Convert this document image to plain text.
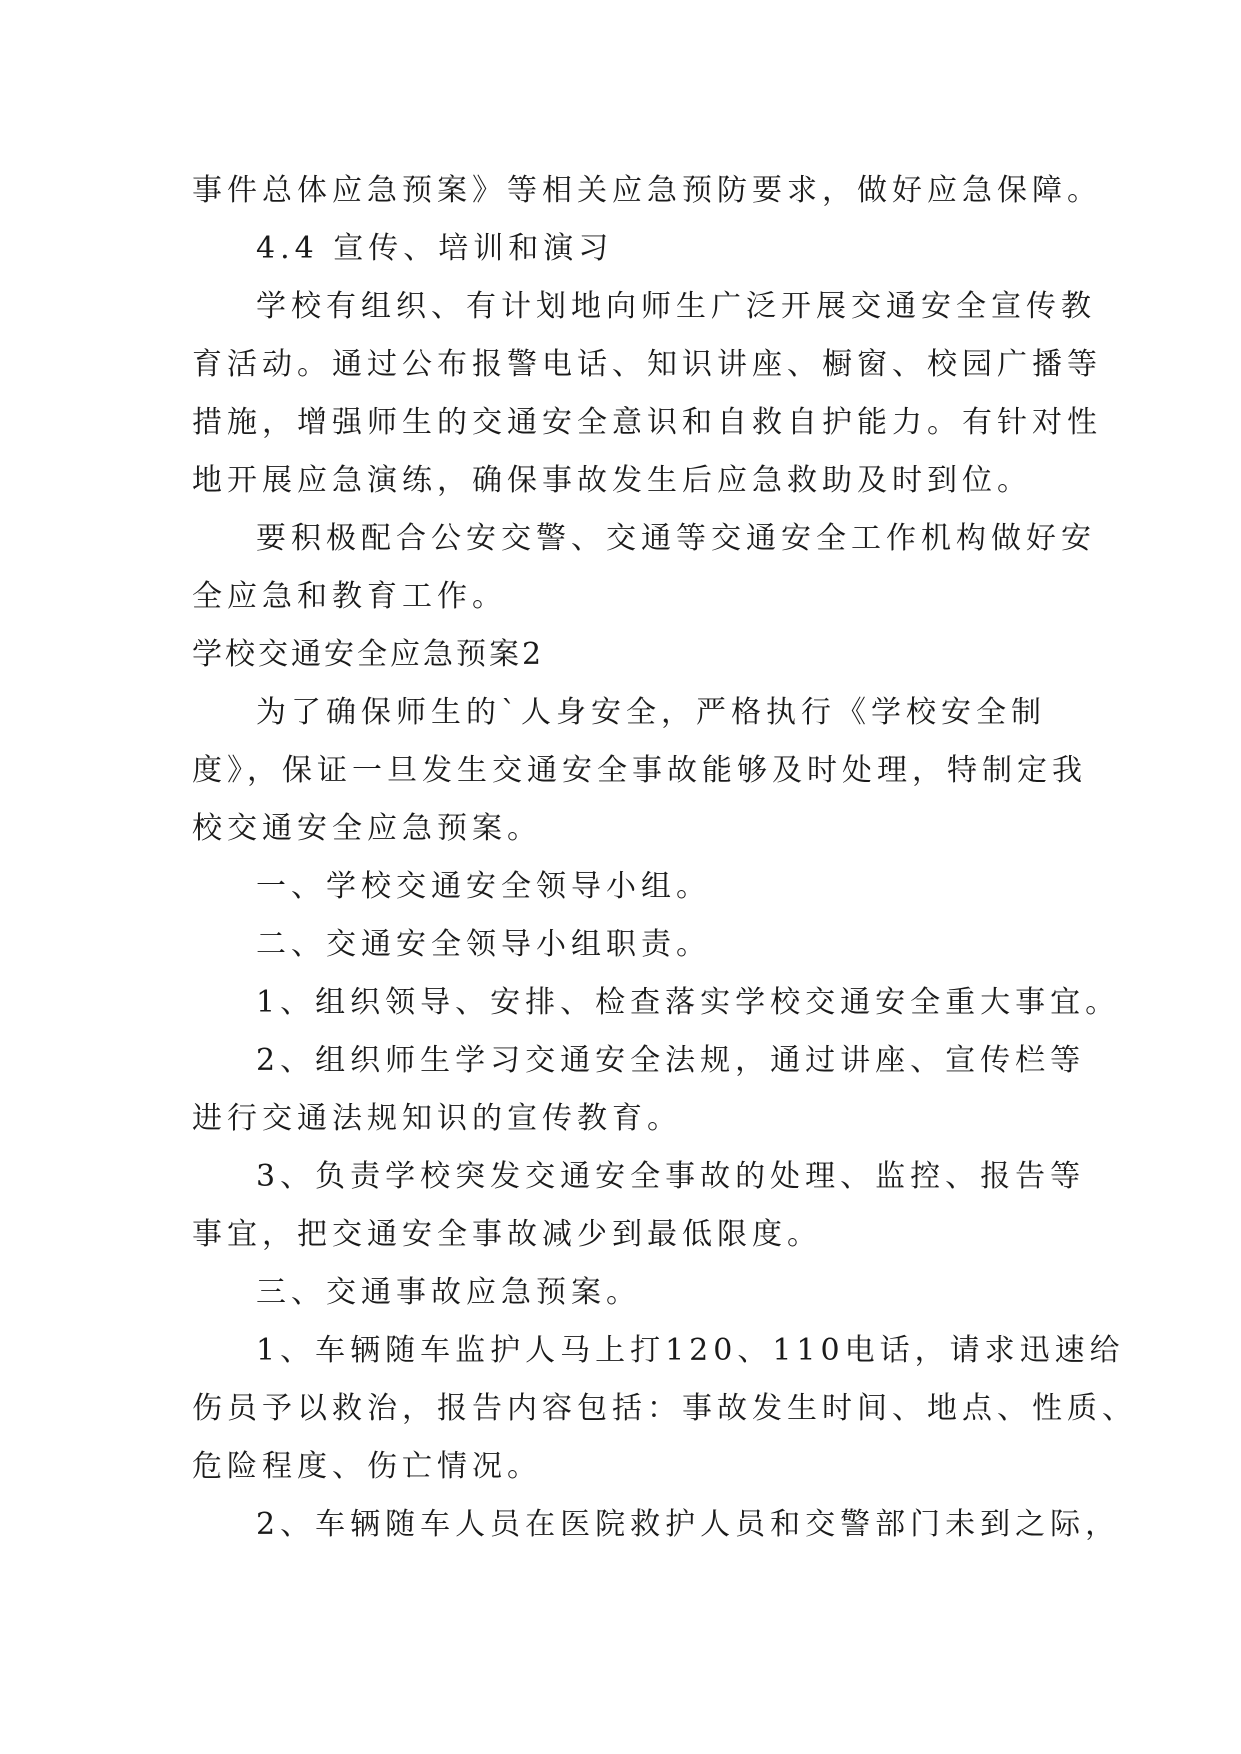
事件总体应急预案》等相关应急预防要求，做好应急保障。

4.4 宣传、培训和演习

学校有组织、有计划地向师生广泛开展交通安全宣传教

育活动。通过公布报警电话、知识讲座、橱窗、校园广播等

措施，增强师生的交通安全意识和自救自护能力。有针对性

地开展应急演练，确保事故发生后应急救助及时到位。

要积极配合公安交警、交通等交通安全工作机构做好安

全应急和教育工作。

学校交通安全应急预案2

为了确保师生的`人身安全，严格执行《学校安全制

度》，保证一旦发生交通安全事故能够及时处理，特制定我

校交通安全应急预案。

一、学校交通安全领导小组。

二、交通安全领导小组职责。

1、组织领导、安排、检查落实学校交通安全重大事宜。

2、组织师生学习交通安全法规，通过讲座、宣传栏等

进行交通法规知识的宣传教育。

3、负责学校突发交通安全事故的处理、监控、报告等

事宜，把交通安全事故减少到最低限度。

三、交通事故应急预案。

1、车辆随车监护人马上打120、110电话，请求迅速给

伤员予以救治，报告内容包括：事故发生时间、地点、性质、

危险程度、伤亡情况。

2、车辆随车人员在医院救护人员和交警部门未到之际，
